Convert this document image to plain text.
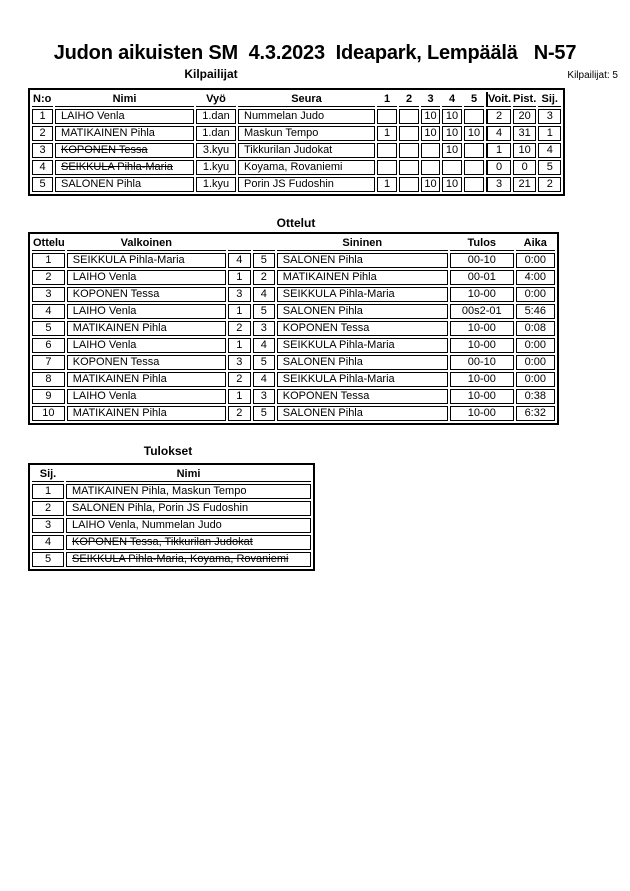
Judon aikuisten SM  4.3.2023  Ideapark, Lempäälä   N-57
Kilpailijat	Kilpailijat: 5
N:o	Nimi	Vyö	Seura	1	2	3	4	5	Voit.	Pist.	Sij.
1	LAIHO Venla	1.dan	Nummelan Judo			10	10		2	20	3
2	MATIKAINEN Pihla	1.dan	Maskun Tempo	1		10	10	10	4	31	1
3	KOPONEN Tessa	3.kyu	Tikkurilan Judokat				10		1	10	4
4	SEIKKULA Pihla-Maria	1.kyu	Koyama, Rovaniemi						0	0	5
5	SALONEN Pihla	1.kyu	Porin JS Fudoshin	1		10	10		3	21	2
Ottelut
Ottelu	Valkoinen			Sininen	Tulos	Aika
1	SEIKKULA Pihla-Maria	4	5	SALONEN Pihla	00-10	0:00
2	LAIHO Venla	1	2	MATIKAINEN Pihla	00-01	4:00
3	KOPONEN Tessa	3	4	SEIKKULA Pihla-Maria	10-00	0:00
4	LAIHO Venla	1	5	SALONEN Pihla	00s2-01	5:46
5	MATIKAINEN Pihla	2	3	KOPONEN Tessa	10-00	0:08
6	LAIHO Venla	1	4	SEIKKULA Pihla-Maria	10-00	0:00
7	KOPONEN Tessa	3	5	SALONEN Pihla	00-10	0:00
8	MATIKAINEN Pihla	2	4	SEIKKULA Pihla-Maria	10-00	0:00
9	LAIHO Venla	1	3	KOPONEN Tessa	10-00	0:38
10	MATIKAINEN Pihla	2	5	SALONEN Pihla	10-00	6:32
Tulokset
Sij.	Nimi
1	MATIKAINEN Pihla, Maskun Tempo
2	SALONEN Pihla, Porin JS Fudoshin
3	LAIHO Venla, Nummelan Judo
4	KOPONEN Tessa, Tikkurilan Judokat
5	SEIKKULA Pihla-Maria, Koyama, Rovaniemi
